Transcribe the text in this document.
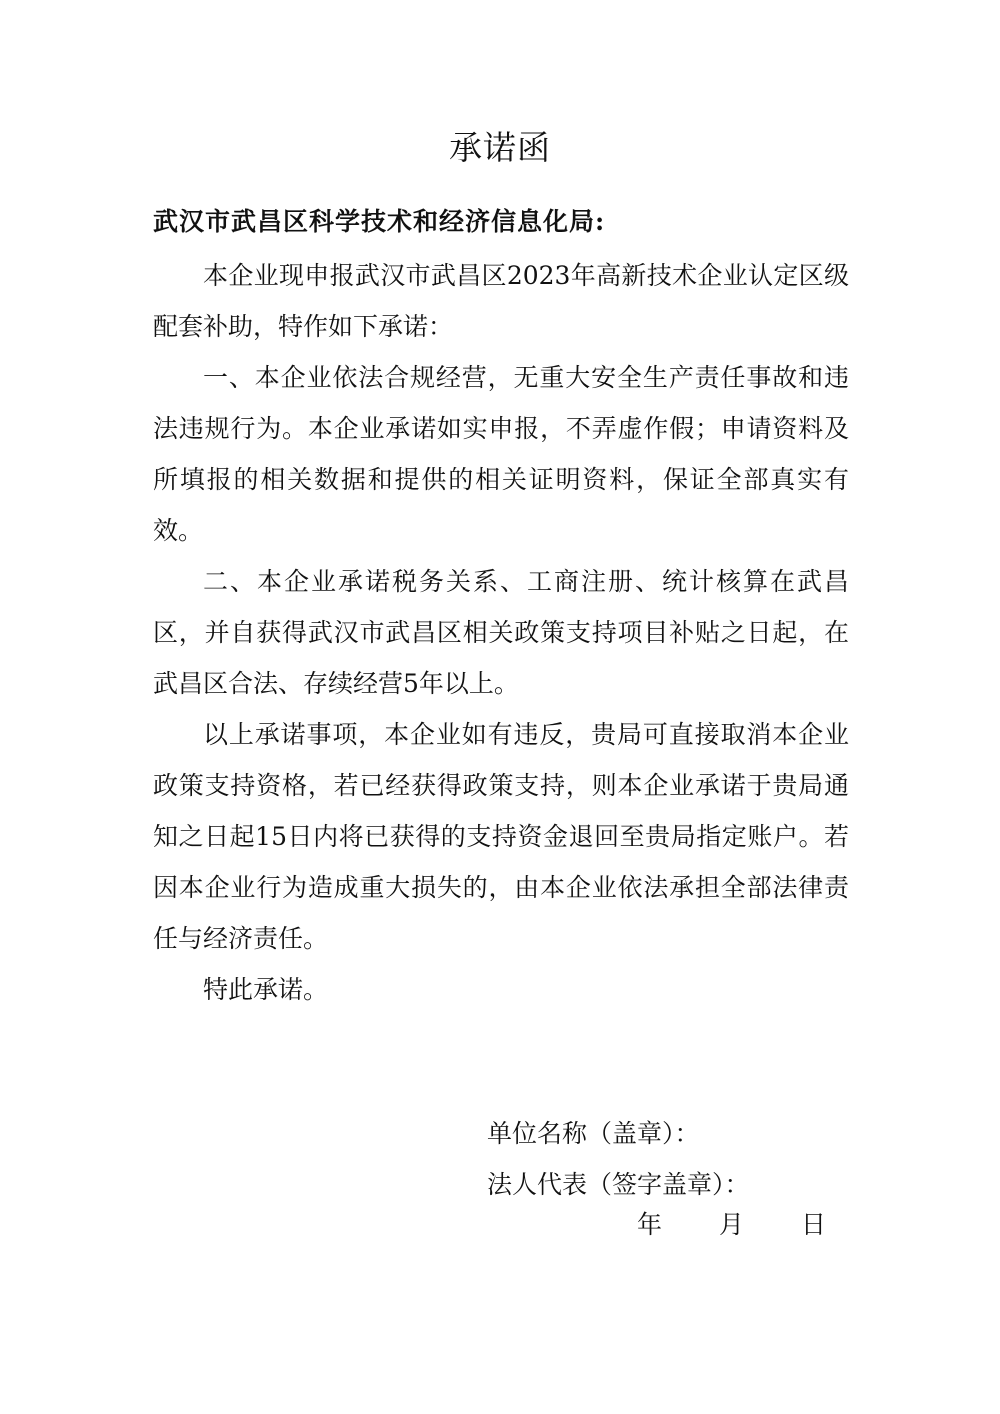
承诺函
武汉市武昌区科学技术和经济信息化局:

本企业现申报武汉市武昌区2023年高新技术企业认定区级配套补助，特作如下承诺：

一、本企业依法合规经营，无重大安全生产责任事故和违法违规行为。本企业承诺如实申报，不弄虚作假；申请资料及所填报的相关数据和提供的相关证明资料，保证全部真实有效。

二、本企业承诺税务关系、工商注册、统计核算在武昌区，并自获得武汉市武昌区相关政策支持项目补贴之日起，在武昌区合法、存续经营5年以上。

以上承诺事项，本企业如有违反，贵局可直接取消本企业政策支持资格，若已经获得政策支持，则本企业承诺于贵局通知之日起15日内将已获得的支持资金退回至贵局指定账户。若因本企业行为造成重大损失的，由本企业依法承担全部法律责任与经济责任。

特此承诺。

单位名称（盖章）：
法人代表（签字盖章）：
年 月 日
